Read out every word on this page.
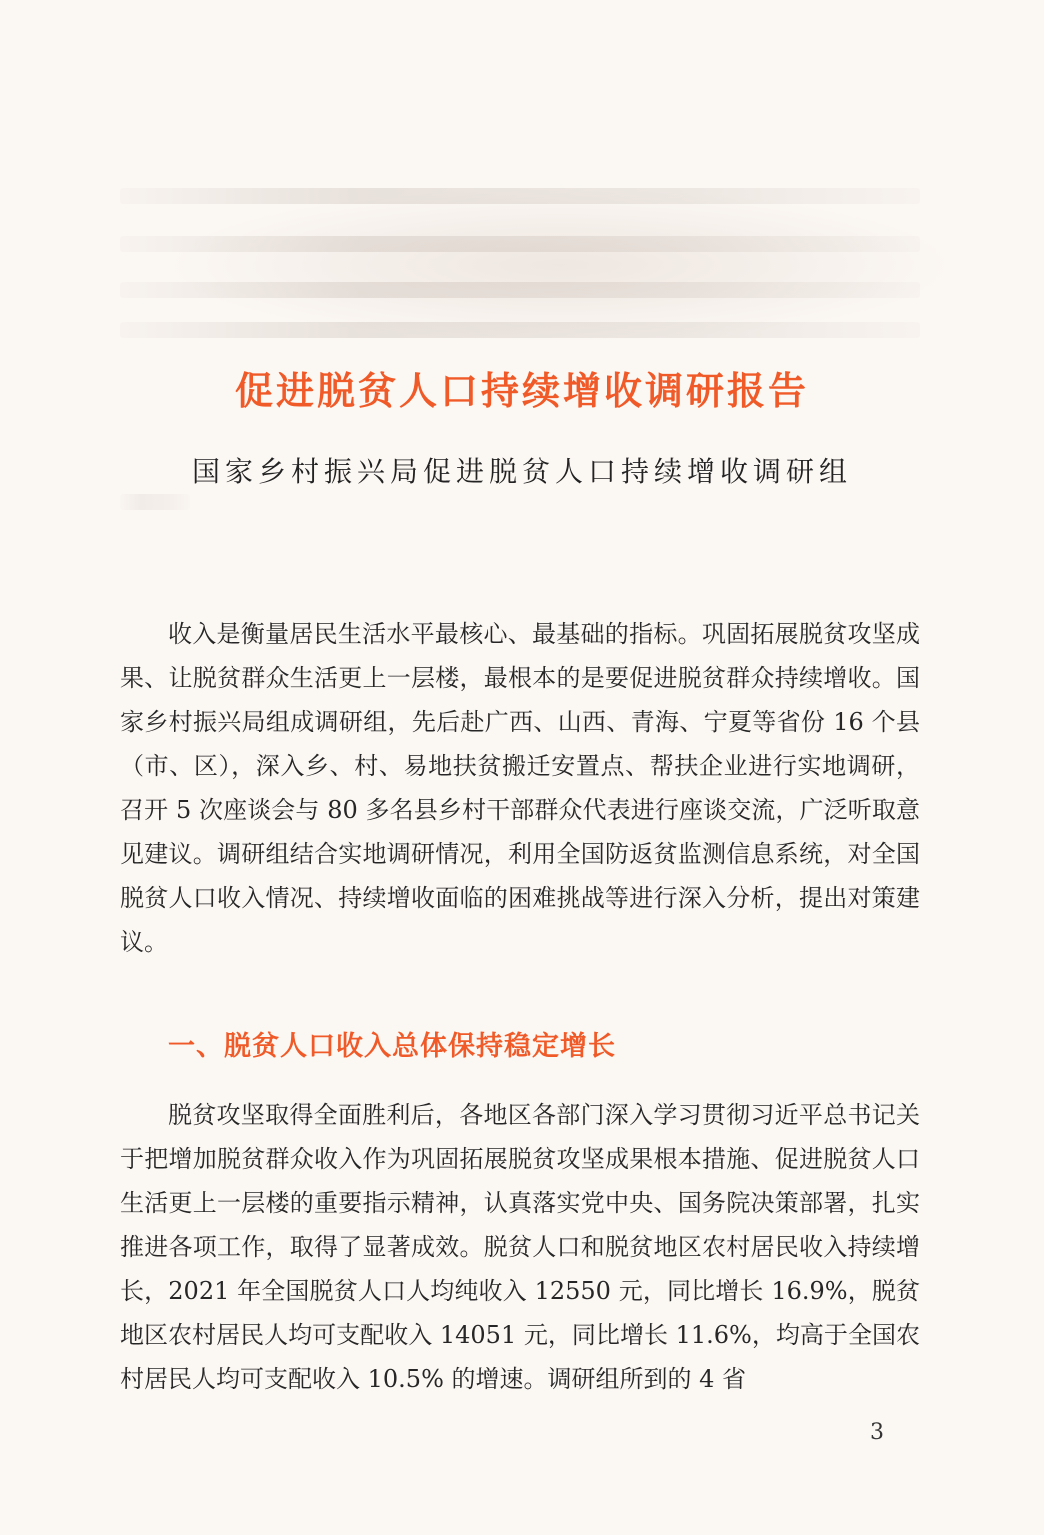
促进脱贫人口持续增收调研报告
国家乡村振兴局促进脱贫人口持续增收调研组

收入是衡量居民生活水平最核心、最基础的指标。巩固拓展脱贫攻坚成果、让脱贫群众生活更上一层楼，最根本的是要促进脱贫群众持续增收。国家乡村振兴局组成调研组，先后赴广西、山西、青海、宁夏等省份 16 个县（市、区），深入乡、村、易地扶贫搬迁安置点、帮扶企业进行实地调研，召开 5 次座谈会与 80 多名县乡村干部群众代表进行座谈交流，广泛听取意见建议。调研组结合实地调研情况，利用全国防返贫监测信息系统，对全国脱贫人口收入情况、持续增收面临的困难挑战等进行深入分析，提出对策建议。

一、脱贫人口收入总体保持稳定增长

脱贫攻坚取得全面胜利后，各地区各部门深入学习贯彻习近平总书记关于把增加脱贫群众收入作为巩固拓展脱贫攻坚成果根本措施、促进脱贫人口生活更上一层楼的重要指示精神，认真落实党中央、国务院决策部署，扎实推进各项工作，取得了显著成效。脱贫人口和脱贫地区农村居民收入持续增长，2021 年全国脱贫人口人均纯收入 12550 元，同比增长 16.9%，脱贫地区农村居民人均可支配收入 14051 元，同比增长 11.6%，均高于全国农村居民人均可支配收入 10.5% 的增速。调研组所到的 4 省

3
